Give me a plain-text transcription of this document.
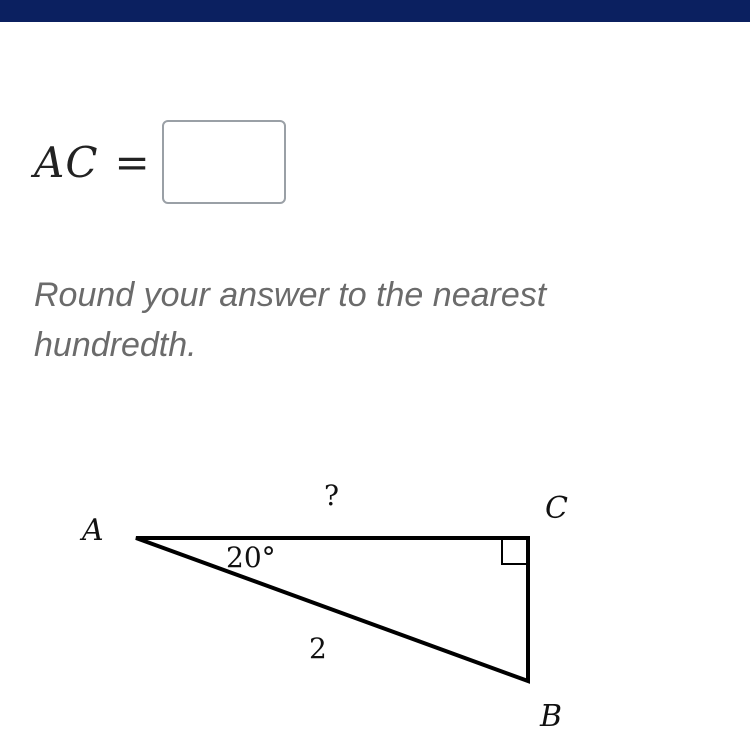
AC =
Round your answer to the nearest hundredth.
A
C
B
?
20°
2
